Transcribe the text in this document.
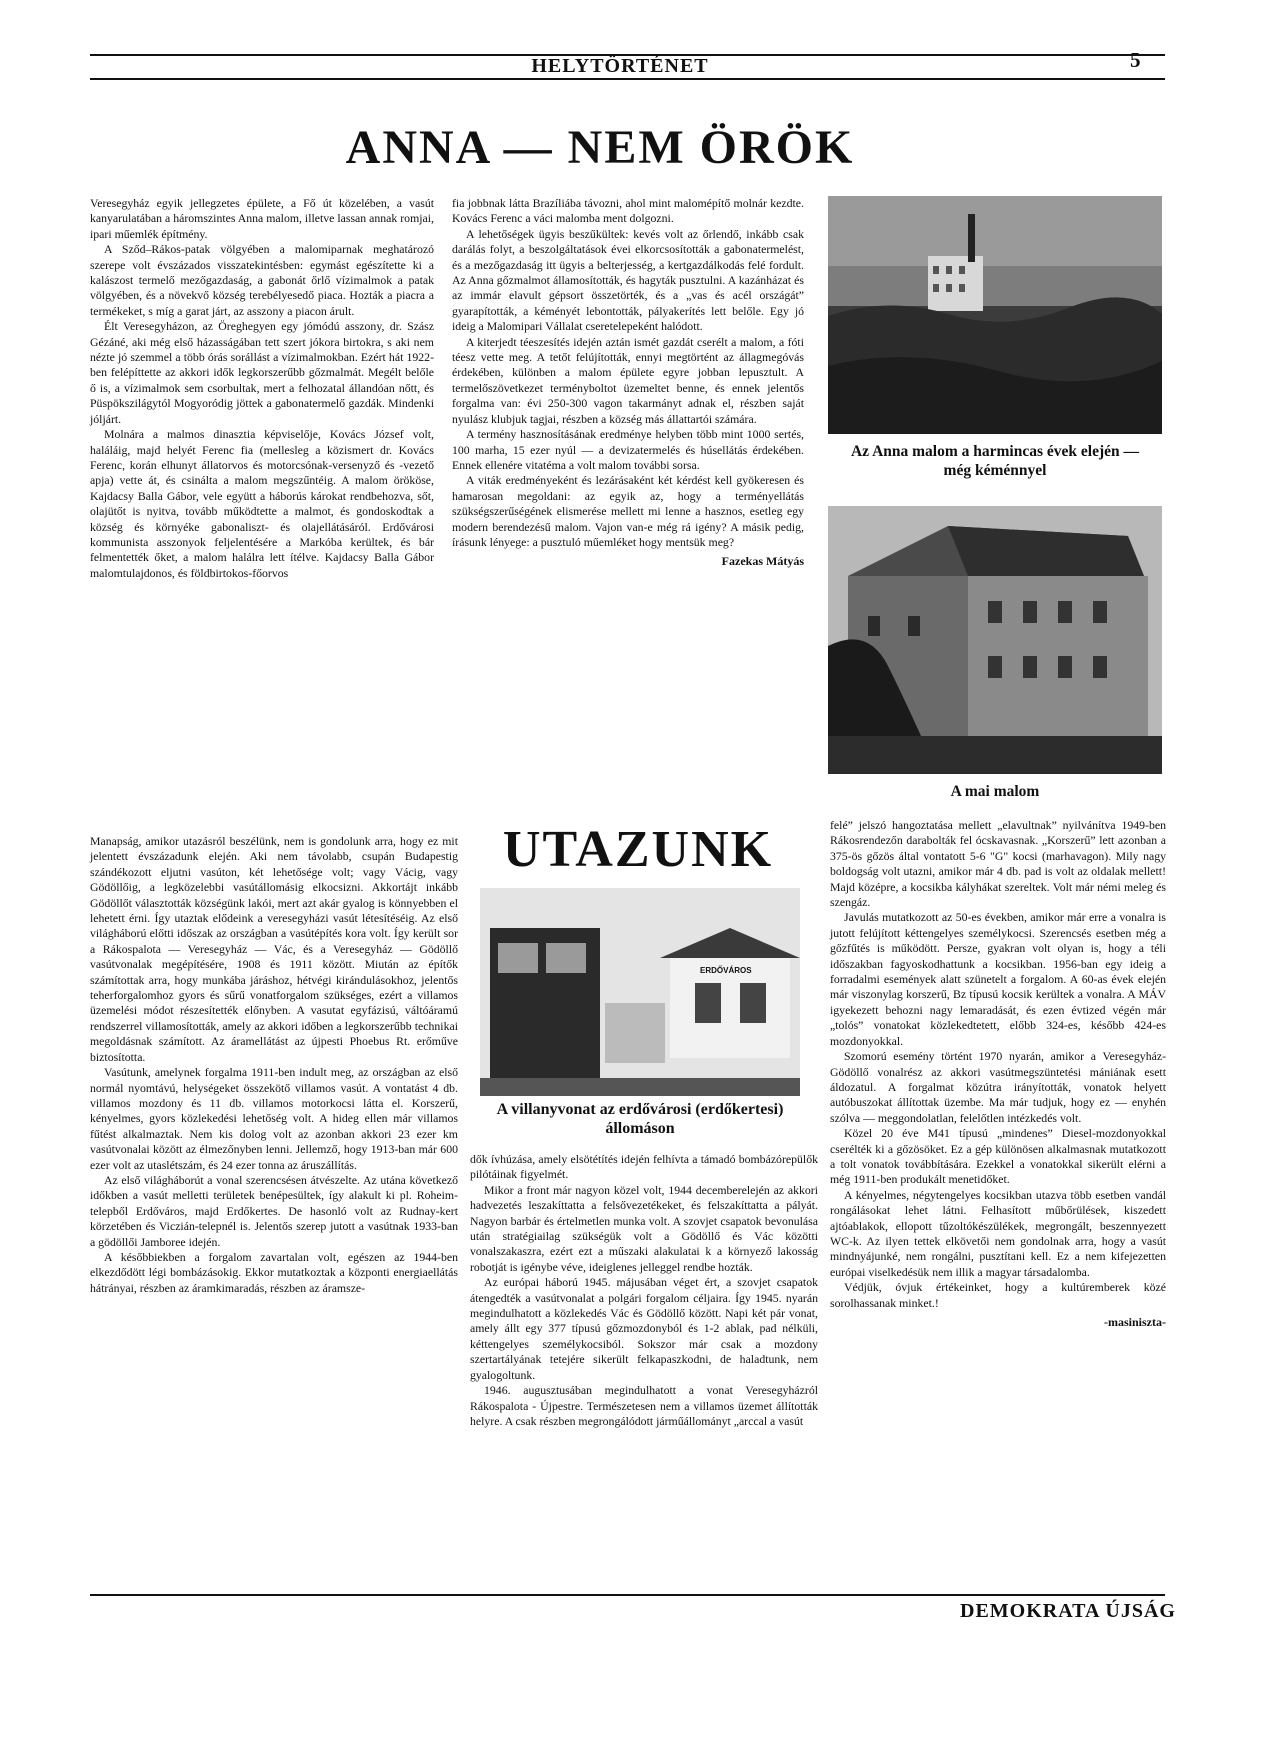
HELYTÖRTÉNET	5
ANNA — NEM ÖRÖK

Veresegyház egyik jellegzetes épülete, a Fő út közelében, a vasút kanyarulatában a háromszintes Anna malom, illetve lassan annak romjai, ipari műemlék építmény.

A Sződ–Rákos-patak völgyében a malomiparnak meghatározó szerepe volt évszázados visszatekintésben: egymást egészítette ki a kalászost termelő mezőgazdaság, a gabonát őrlő vízimalmok a patak völgyében, és a növekvő község terebélyesedő piaca. Hozták a piacra a termékeket, s míg a garat járt, az asszony a piacon árult.

Élt Veresegyházon, az Öreghegyen egy jómódú asszony, dr. Szász Gézáné, aki még első házasságában tett szert jókora birtokra, s aki nem nézte jó szemmel a több órás sorállást a vízimalmokban. Ezért hát 1922-ben felépíttette az akkori idők legkorszerűbb gőzmalmát. Megélt belőle ő is, a vízimalmok sem csorbultak, mert a felhozatal állandóan nőtt, és Püspökszilágytól Mogyoródig jöttek a gabonatermelő gazdák. Mindenki jóljárt.

Molnára a malmos dinasztia képviselője, Kovács József volt, haláláig, majd helyét Ferenc fia (mellesleg a közismert dr. Kovács Ferenc, korán elhunyt állatorvos és motorcsónak-versenyző és -vezető apja) vette át, és csinálta a malom megszűntéig. A malom örököse, Kajdacsy Balla Gábor, vele együtt a háborús károkat rendbehozva, sőt, olajütőt is nyitva, tovább működtette a malmot, és gondoskodtak a község és környéke gabonaliszt- és olajellátásáról. Erdővárosi kommunista asszonyok feljelentésére a Markóba kerültek, és bár felmentették őket, a malom halálra lett ítélve. Kajdacsy Balla Gábor malomtulajdonos, és földbirtokos-főorvos

fia jobbnak látta Brazíliába távozni, ahol mint malomépítő molnár kezdte. Kovács Ferenc a váci malomba ment dolgozni.

A lehetőségek ügyis beszűkültek: kevés volt az őrlendő, inkább csak darálás folyt, a beszolgáltatások évei elkorcsosították a gabonatermelést, és a mezőgazdaság itt ügyis a belterjesség, a kertgazdálkodás felé fordult. Az Anna gőzmalmot államosították, és hagyták pusztulni. A kazánházat és az immár elavult gépsort összetörték, és a „vas és acél országát” gyarapították, a kéményét lebontották, pályakerítés lett belőle. Egy jó ideig a Malomipari Vállalat cseretelepeként halódott.

A kiterjedt téeszesítés idején aztán ismét gazdát cserélt a malom, a fóti téesz vette meg. A tetőt felújították, ennyi megtörtént az állagmegóvás érdekében, különben a malom épülete egyre jobban lepusztult. A termelőszövetkezet terményboltot üzemeltet benne, és ennek jelentős forgalma van: évi 250-300 vagon takarmányt adnak el, részben saját nyulász klubjuk tagjai, részben a község más állattartói számára.

A termény hasznosításának eredménye helyben több mint 1000 sertés, 100 marha, 15 ezer nyúl — a devizatermelés és húsellátás érdekében. Ennek ellenére vitatéma a volt malom további sorsa.

A viták eredményeként és lezárásaként két kérdést kell gyökeresen és hamarosan megoldani: az egyik az, hogy a terményellátás szükségszerűségének elismerése mellett mi lenne a hasznos, esetleg egy modern berendezésű malom. Vajon van-e még rá igény? A másik pedig, írásunk lényege: a pusztuló műemléket hogy mentsük meg?

Fazekas Mátyás

Az Anna malom a harmincas évek elején — még kéménnyel
A mai malom

Manapság, amikor utazásról beszélünk, nem is gondolunk arra, hogy ez mit jelentett évszázadunk elején. Aki nem távolabb, csupán Budapestig szándékozott eljutni vasúton, két lehetősége volt; vagy Vácig, vagy Gödöllőig, a legközelebbi vasútállomásig elkocsizni. Akkortájt inkább Gödöllőt választották községünk lakói, mert azt akár gyalog is könnyebben el lehetett érni. Így utaztak elődeink a veresegyházi vasút létesítéséig. Az első világháború előtti időszak az országban a vasútépítés kora volt. Így került sor a Rákospalota — Veresegyház — Vác, és a Veresegyház — Gödöllő vasútvonalak megépítésére, 1908 és 1911 között. Miután az építők számítottak arra, hogy munkába járáshoz, hétvégi kirándulásokhoz, jelentős teherforgalomhoz gyors és sűrű vonatforgalom szükséges, ezért a villamos üzemelési módot részesítették előnyben. A vasutat egyfázisú, váltóáramú rendszerrel villamosították, amely az akkori időben a legkorszerűbb technikai megoldásnak számított. Az áramellátást az újpesti Phoebus Rt. erőműve biztosította.

Vasútunk, amelynek forgalma 1911-ben indult meg, az országban az első normál nyomtávú, helységeket összekötő villamos vasút. A vontatást 4 db. villamos mozdony és 11 db. villamos motorkocsi látta el. Korszerű, kényelmes, gyors közlekedési lehetőség volt. A hideg ellen már villamos fűtést alkalmaztak. Nem kis dolog volt az azonban akkori 23 ezer km vasútvonalai között az élmezőnyben lenni. Jellemző, hogy 1913-ban már 600 ezer volt az utaslétszám, és 24 ezer tonna az áruszállítás.

Az első világháborút a vonal szerencsésen átvészelte. Az utána következő időkben a vasút melletti területek benépesültek, így alakult ki pl. Roheim-telepből Erdőváros, majd Erdőkertes. De hasonló volt az Rudnay-kert körzetében és Viczián-telepnél is. Jelentős szerep jutott a vasútnak 1933-ban a gödöllői Jamboree idején.

A későbbiekben a forgalom zavartalan volt, egészen az 1944-ben elkezdődött légi bombázásokig. Ekkor mutatkoztak a központi energiaellátás hátrányai, részben az áramkimaradás, részben az áramsze-

UTAZUNK
ERDŐVÁROS
A villanyvonat az erdővárosi (erdőkertesi) állomáson

dők ívhúzása, amely elsötétítés idején felhívta a támadó bombázórepülők pilótáinak figyelmét.

Mikor a front már nagyon közel volt, 1944 decemberelején az akkori hadvezetés leszakíttatta a felsővezetékeket, és felszakíttatta a pályát. Nagyon barbár és értelmetlen munka volt. A szovjet csapatok bevonulása után stratégiailag szükségük volt a Gödöllő és Vác közötti vonalszakaszra, ezért ezt a műszaki alakulatai k a környező lakosság robotját is igénybe véve, ideiglenes jelleggel rendbe hozták.

Az európai háború 1945. májusában véget ért, a szovjet csapatok átengedték a vasútvonalat a polgári forgalom céljaira. Így 1945. nyarán megindulhatott a közlekedés Vác és Gödöllő között. Napi két pár vonat, amely állt egy 377 típusú gőzmozdonyból és 1-2 ablak, pad nélküli, kéttengelyes személykocsiból. Sokszor már csak a mozdony szertartályának tetejére sikerült felkapaszkodni, de haladtunk, nem gyalogoltunk.

1946. augusztusában megindulhatott a vonat Veresegyházról Rákospalota - Újpestre. Természetesen nem a villamos üzemet állították helyre. A csak részben megrongálódott járműállományt „arccal a vasút

felé” jelszó hangoztatása mellett „elavultnak” nyilvánítva 1949-ben Rákosrendezőn darabolták fel ócskavasnak. „Korszerű” lett azonban a 375-ös gőzös által vontatott 5-6 "G" kocsi (marhavagon). Mily nagy boldogság volt utazni, amikor már 4 db. pad is volt az oldalak mellett! Majd középre, a kocsikba kályhákat szereltek. Volt már némi meleg és szengáz.

Javulás mutatkozott az 50-es években, amikor már erre a vonalra is jutott felújított kéttengelyes személykocsi. Szerencsés esetben még a gőzfűtés is működött. Persze, gyakran volt olyan is, hogy a téli időszakban fagyoskodhattunk a kocsikban. 1956-ban egy ideig a forradalmi események alatt szünetelt a forgalom. A 60-as évek elején már viszonylag korszerű, Bz típusú kocsik kerültek a vonalra. A MÁV igyekezett behozni nagy lemaradását, és ezen évtized végén már „tolós” vonatokat közlekedtetett, előbb 324-es, később 424-es mozdonyokkal.

Szomorú esemény történt 1970 nyarán, amikor a Veresegyház-Gödöllő vonalrész az akkori vasútmegszüntetési mániának esett áldozatul. A forgalmat közútra irányították, vonatok helyett autóbuszokat állítottak üzembe. Ma már tudjuk, hogy ez — enyhén szólva — meggondolatlan, felelőtlen intézkedés volt.

Közel 20 éve M41 típusú „mindenes” Diesel-mozdonyokkal cserélték ki a gőzösöket. Ez a gép különösen alkalmasnak mutatkozott a tolt vonatok továbbítására. Ezekkel a vonatokkal sikerült elérni a még 1911-ben produkált menetidőket.

A kényelmes, négytengelyes kocsikban utazva több esetben vandál rongálásokat lehet látni. Felhasított műbőrülések, kiszedett ajtóablakok, ellopott tűzoltókészülékek, megrongált, beszennyezett WC-k. Az ilyen tettek elkövetői nem gondolnak arra, hogy a vasút mindnyájunké, nem rongálni, pusztítani kell. Ez a nem kifejezetten európai viselkedésük nem illik a magyar társadalomba.

Védjük, óvjuk értékeinket, hogy a kultúremberek közé sorolhassanak minket.!

-masiniszta-

DEMOKRATA ÚJSÁG
